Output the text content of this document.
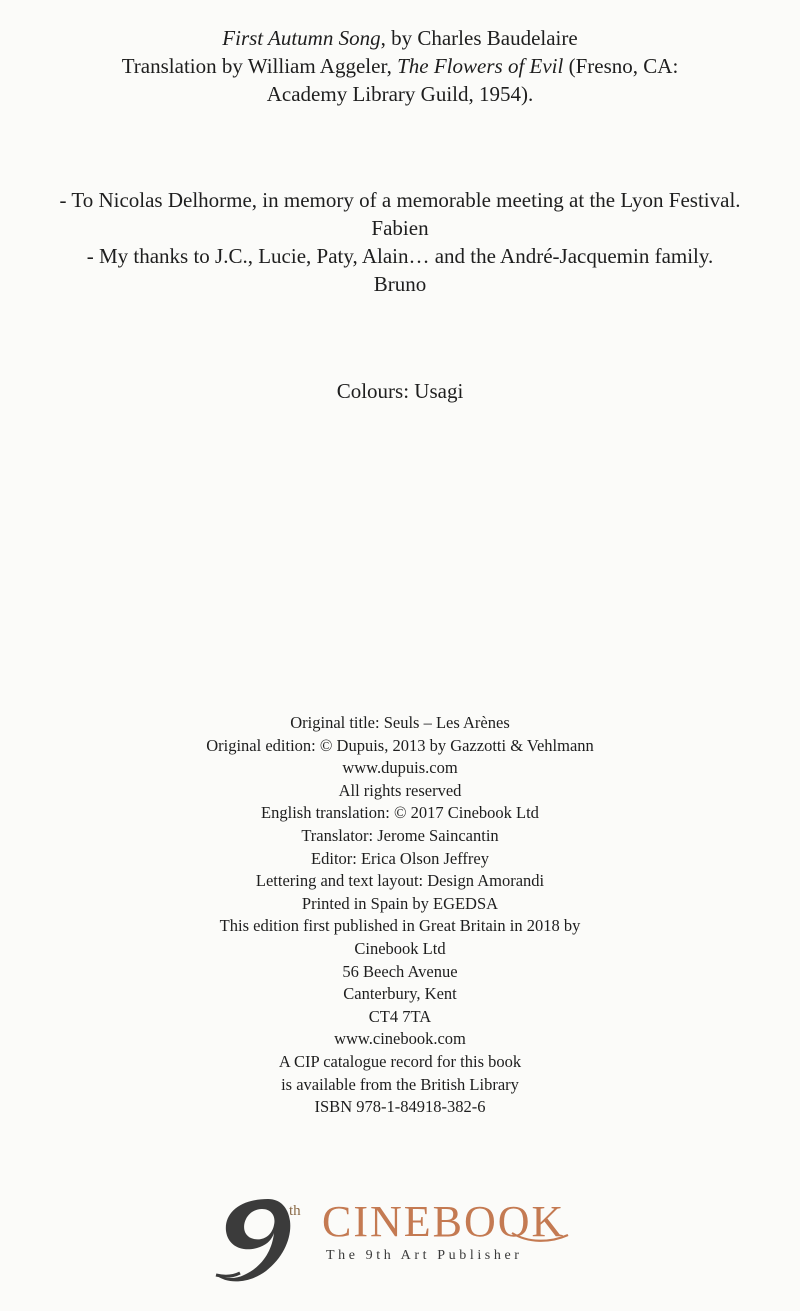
First Autumn Song, by Charles Baudelaire
Translation by William Aggeler, The Flowers of Evil (Fresno, CA:
Academy Library Guild, 1954).
- To Nicolas Delhorme, in memory of a memorable meeting at the Lyon Festival.
Fabien
- My thanks to J.C., Lucie, Paty, Alain… and the André-Jacquemin family.
Bruno
Colours: Usagi
Original title: Seuls – Les Arènes
Original edition: © Dupuis, 2013 by Gazzotti & Vehlmann
www.dupuis.com
All rights reserved
English translation: © 2017 Cinebook Ltd
Translator: Jerome Saincantin
Editor: Erica Olson Jeffrey
Lettering and text layout: Design Amorandi
Printed in Spain by EGEDSA
This edition first published in Great Britain in 2018 by
Cinebook Ltd
56 Beech Avenue
Canterbury, Kent
CT4 7TA
www.cinebook.com
A CIP catalogue record for this book
is available from the British Library
ISBN 978-1-84918-382-6
th CINEBOOK
The 9th Art Publisher
